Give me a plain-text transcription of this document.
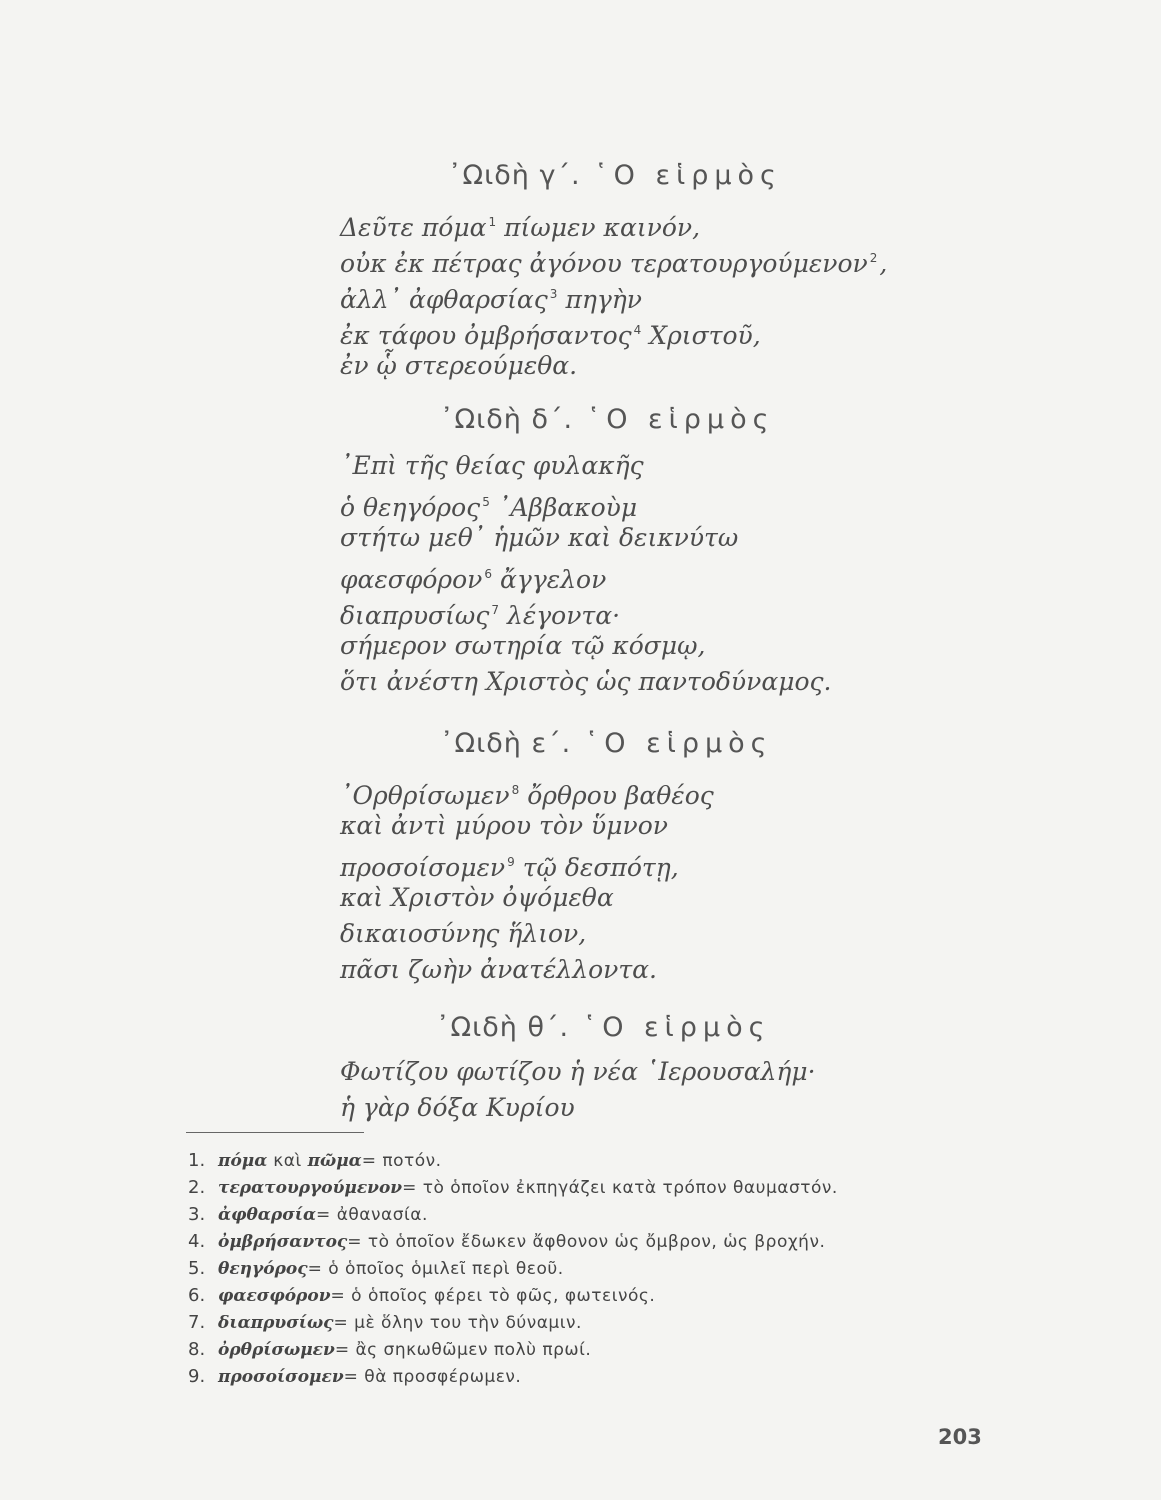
᾿Ωιδὴ γ΄. ῾Ο εἱρμὸς
Δεῦτε πόμα $^1$ πίωμεν καινόν,
οὐκ ἐκ πέτρας ἀγόνου τερατουργούμενον $^2$,
ἀλλ᾽ ἀφθαρσίας $^3$ πηγὴν
ἐκ τάφου ὀμβρήσαντος $^4$ Χριστοῦ,
ἐν ᾧ στερεούμεθα.
᾿Ωιδὴ δ΄. ῾Ο εἱρμὸς
᾿Επὶ τῆς θείας φυλακῆς
ὁ θεηγόρος $^5$ ᾿Αββακοὺμ
στήτω μεθ᾽ ἡμῶν καὶ δεικνύτω
φαεσφόρον $^6$ ἄγγελον
διαπρυσίως $^7$ λέγοντα·
σήμερον σωτηρία τῷ κόσμῳ,
ὅτι ἀνέστη Χριστὸς ὡς παντοδύναμος.
᾿Ωιδὴ ε΄. ῾Ο εἱρμὸς
᾿Ορθρίσωμεν $^8$ ὄρθρου βαθέος
καὶ ἀντὶ μύρου τὸν ὕμνον
προσοίσομεν $^9$ τῷ δεσπότῃ,
καὶ Χριστὸν ὀψόμεθα
δικαιοσύνης ἥλιον,
πᾶσι ζωὴν ἀνατέλλοντα.
᾿Ωιδὴ θ΄. ῾Ο εἱρμὸς
Φωτίζου φωτίζου ἡ νέα ῾Ιερουσαλήμ·
ἡ γὰρ δόξα Κυρίου
1. πόμα καὶ πῶμα= ποτόν.
2. τερατουργούμενον= τὸ ὁποῖον ἐκπηγάζει κατὰ τρόπον θαυμαστόν.
3. ἀφθαρσία= ἀθανασία.
4. ὀμβρήσαντος= τὸ ὁποῖον ἔδωκεν ἄφθονον ὡς ὄμβρον, ὡς βροχήν.
5. θεηγόρος= ὁ ὁποῖος ὁμιλεῖ περὶ θεοῦ.
6. φαεσφόρον= ὁ ὁποῖος φέρει τὸ φῶς, φωτεινός.
7. διαπρυσίως= μὲ ὅλην του τὴν δύναμιν.
8. ὀρθρίσωμεν= ἂς σηκωθῶμεν πολὺ πρωί.
9. προσοίσομεν= θὰ προσφέρωμεν.
203
